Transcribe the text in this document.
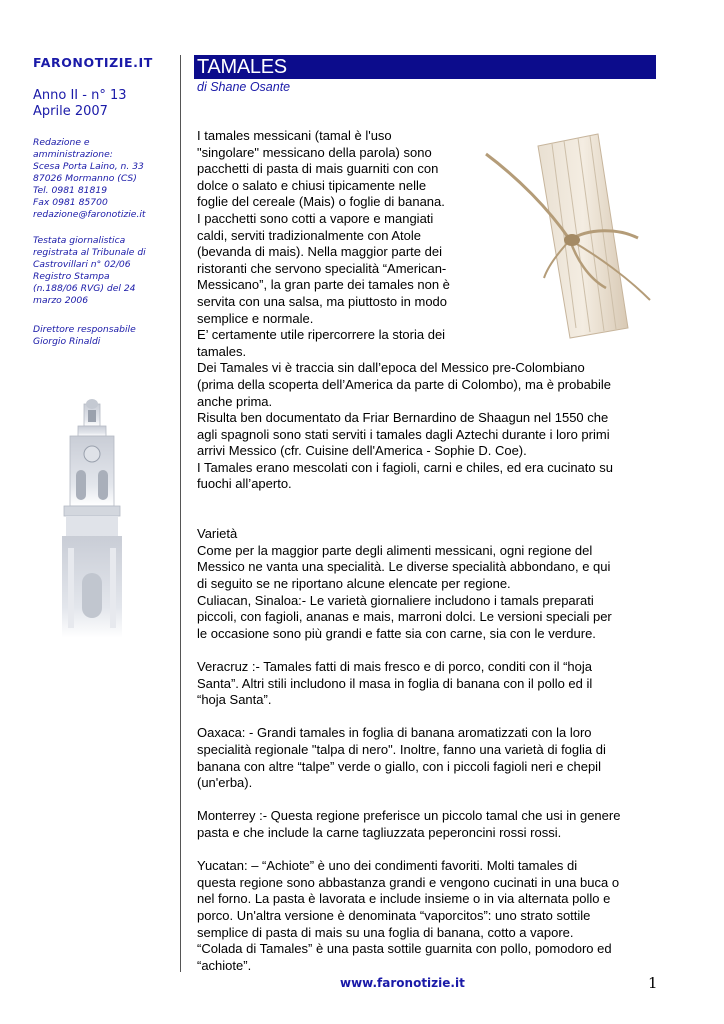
FARONOTIZIE.IT
Anno II - n° 13
Aprile 2007
Redazione e
amministrazione:
Scesa Porta Laino, n. 33
87026 Mormanno (CS)
Tel. 0981 81819
Fax 0981 85700
redazione@faronotizie.it
Testata giornalistica
registrata al Tribunale di
Castrovillari n° 02/06
Registro Stampa
(n.188/06 RVG) del 24
marzo 2006
Direttore responsabile
Giorgio Rinaldi
TAMALES
di Shane Osante
I tamales messicani (tamal è l'uso
"singolare" messicano della parola) sono
pacchetti di pasta di mais guarniti con con
dolce o salato e chiusi tipicamente nelle
foglie del cereale (Mais) o foglie di banana.
I pacchetti sono cotti a vapore e mangiati
caldi, serviti tradizionalmente con Atole
(bevanda di mais). Nella maggior parte dei
ristoranti che servono specialità “American-
Messicano”, la gran parte dei tamales non è
servita con una salsa, ma piuttosto in modo
semplice e normale.
E’ certamente utile ripercorrere la storia dei
tamales.
Dei Tamales vi è traccia sin dall’epoca del Messico pre-Colombiano
(prima della scoperta dell’America da parte di Colombo), ma è probabile
anche prima.
Risulta ben documentato da Friar Bernardino de Shaagun nel 1550 che
agli spagnoli sono stati serviti i tamales dagli Aztechi durante i loro primi
arrivi Messico (cfr. Cuisine dell'America - Sophie D. Coe).
I Tamales erano mescolati con i fagioli, carni e chiles, ed era cucinato su
fuochi all’aperto.
Varietà
Come per la maggior parte degli alimenti messicani, ogni regione del
Messico ne vanta una specialità. Le diverse specialità abbondano, e qui
di seguito se ne riportano alcune elencate per regione.
Culiacan, Sinaloa:- Le varietà giornaliere includono i tamals preparati
piccoli, con fagioli, ananas e mais, marroni dolci. Le versioni speciali per
le occasione sono più grandi e fatte sia con carne, sia con le verdure.
Veracruz :- Tamales fatti di mais fresco e di porco, conditi con il “hoja
Santa”. Altri stili includono il masa in foglia di banana con il pollo ed il
“hoja Santa”.
Oaxaca: - Grandi tamales in foglia di banana aromatizzati con la loro
specialità regionale "talpa di nero". Inoltre, fanno una varietà di foglia di
banana con altre “talpe” verde o giallo, con i piccoli fagioli neri e chepil
(un'erba).
Monterrey :- Questa regione preferisce un piccolo tamal che usi in genere
pasta e che include la carne tagliuzzata peperoncini rossi rossi.
Yucatan: – “Achiote” è uno dei condimenti favoriti. Molti tamales di
questa regione sono abbastanza grandi e vengono cucinati in una buca o
nel forno. La pasta è lavorata e include insieme o in via alternata pollo e
porco. Un'altra versione è denominata “vaporcitos”: uno strato sottile
semplice di pasta di mais su una foglia di banana, cotto a vapore.
“Colada di Tamales” è una pasta sottile guarnita con pollo, pomodoro ed
“achiote”.
www.faronotizie.it	1
